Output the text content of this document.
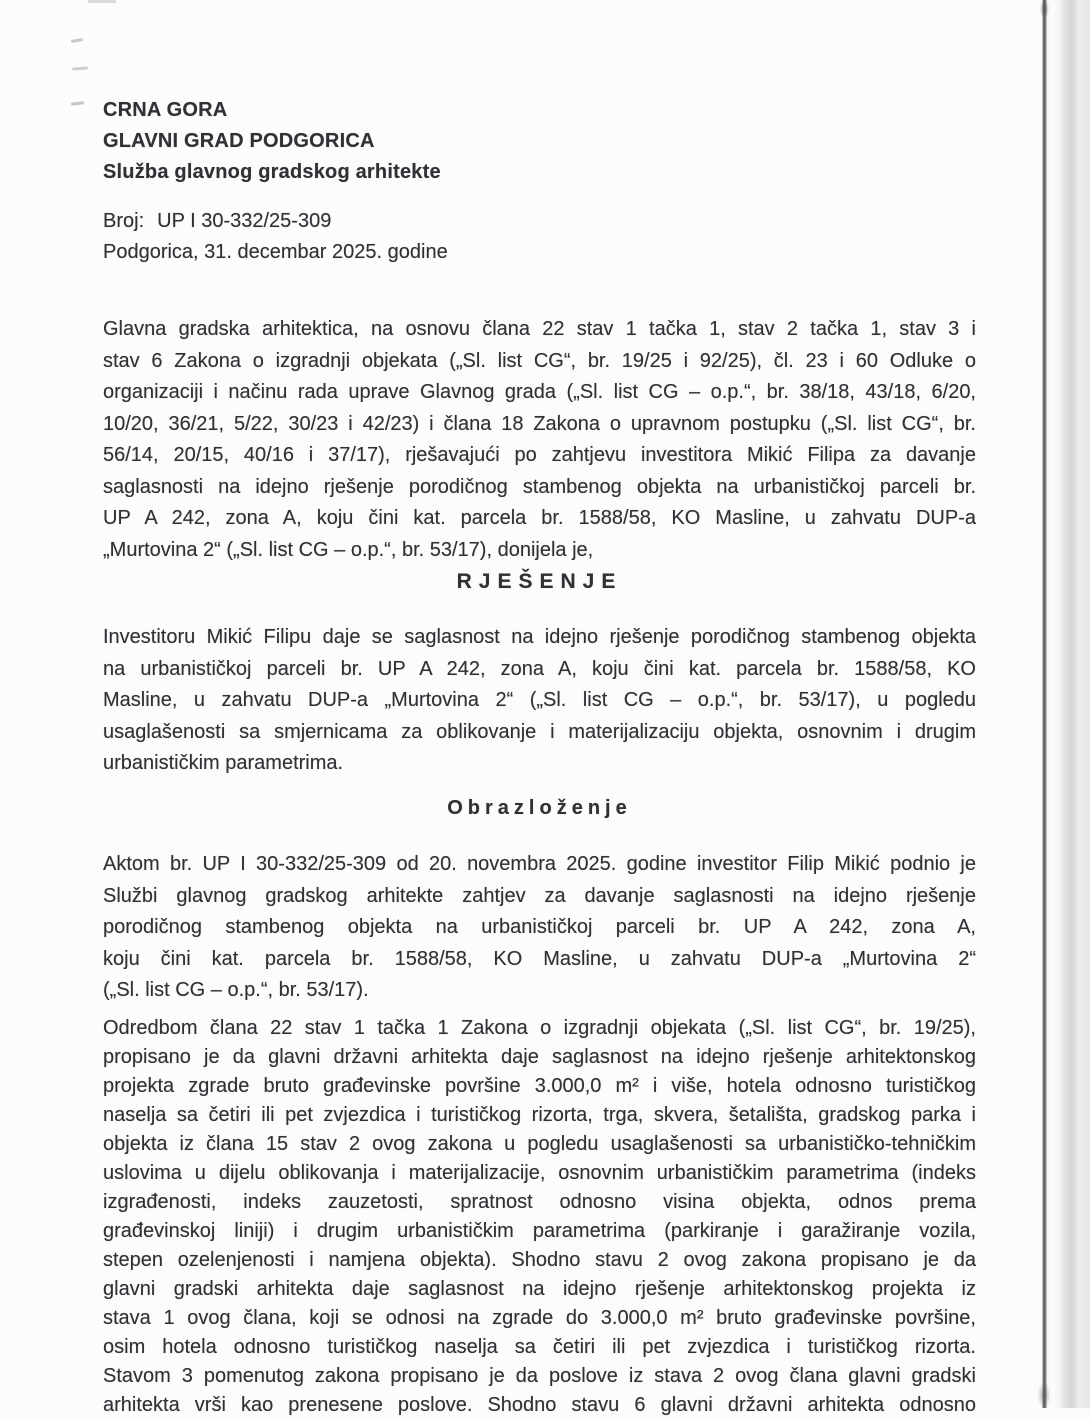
CRNA GORA
GLAVNI GRAD PODGORICA
Služba glavnog gradskog arhitekte
Broj: UP I 30-332/25-309
Podgorica, 31. decembar 2025. godine
Glavna gradska arhitektica, na osnovu člana 22 stav 1 tačka 1, stav 2 tačka 1, stav 3 i
stav 6 Zakona o izgradnji objekata („Sl. list CG“, br. 19/25 i 92/25), čl. 23 i 60 Odluke o
organizaciji i načinu rada uprave Glavnog grada („Sl. list CG – o.p.“, br. 38/18, 43/18, 6/20,
10/20, 36/21, 5/22, 30/23 i 42/23) i člana 18 Zakona o upravnom postupku („Sl. list CG“, br.
56/14, 20/15, 40/16 i 37/17), rješavajući po zahtjevu investitora Mikić Filipa za davanje
saglasnosti na idejno rješenje porodičnog stambenog objekta na urbanističkoj parceli br.
UP A 242, zona A, koju čini kat. parcela br. 1588/58, KO Masline, u zahvatu DUP-a
„Murtovina 2“ („Sl. list CG – o.p.“, br. 53/17), donijela je,
RJEŠENJE
Investitoru Mikić Filipu daje se saglasnost na idejno rješenje porodičnog stambenog objekta
na urbanističkoj parceli br. UP A 242, zona A, koju čini kat. parcela br. 1588/58, KO
Masline, u zahvatu DUP-a „Murtovina 2“ („Sl. list CG – o.p.“, br. 53/17), u pogledu
usaglašenosti sa smjernicama za oblikovanje i materijalizaciju objekta, osnovnim i drugim
urbanističkim parametrima.
Obrazloženje
Aktom br. UP I 30-332/25-309 od 20. novembra 2025. godine investitor Filip Mikić podnio je
Službi glavnog gradskog arhitekte zahtjev za davanje saglasnosti na idejno rješenje
porodičnog stambenog objekta na urbanističkoj parceli br. UP A 242, zona A,
koju čini kat. parcela br. 1588/58, KO Masline, u zahvatu DUP-a „Murtovina 2“
(„Sl. list CG – o.p.“, br. 53/17).
Odredbom člana 22 stav 1 tačka 1 Zakona o izgradnji objekata („Sl. list CG“, br. 19/25),
propisano je da glavni državni arhitekta daje saglasnost na idejno rješenje arhitektonskog
projekta zgrade bruto građevinske površine 3.000,0 m² i više, hotela odnosno turističkog
naselja sa četiri ili pet zvjezdica i turističkog rizorta, trga, skvera, šetališta, gradskog parka i
objekta iz člana 15 stav 2 ovog zakona u pogledu usaglašenosti sa urbanističko-tehničkim
uslovima u dijelu oblikovanja i materijalizacije, osnovnim urbanističkim parametrima (indeks
izgrađenosti, indeks zauzetosti, spratnost odnosno visina objekta, odnos prema
građevinskoj liniji) i drugim urbanističkim parametrima (parkiranje i garažiranje vozila,
stepen ozelenjenosti i namjena objekta). Shodno stavu 2 ovog zakona propisano je da
glavni gradski arhitekta daje saglasnost na idejno rješenje arhitektonskog projekta iz
stava 1 ovog člana, koji se odnosi na zgrade do 3.000,0 m² bruto građevinske površine,
osim hotela odnosno turističkog naselja sa četiri ili pet zvjezdica i turističkog rizorta.
Stavom 3 pomenutog zakona propisano je da poslove iz stava 2 ovog člana glavni gradski
arhitekta vrši kao prenesene poslove. Shodno stavu 6 glavni državni arhitekta odnosno
